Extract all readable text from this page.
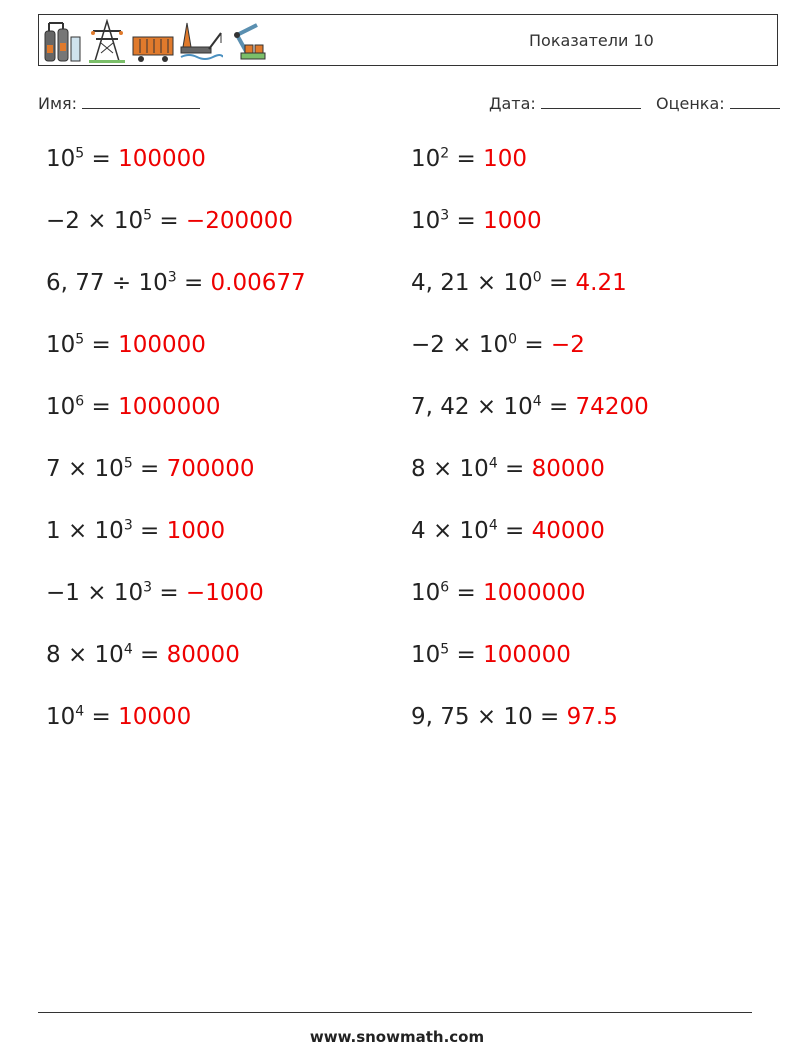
Показатели 10
Имя:	Дата:	Оценка:
$10^5 = 100000$
$-2 \times 10^5 = -200000$
6, $77 \div 10^3 = 0.00677$
$10^5 = 100000$
$10^6 = 1000000$
$7 \times 10^5 = 700000$
$1 \times 10^3 = 1000$
$-1 \times 10^3 = -1000$
$8 \times 10^4 = 80000$
$10^4 = 10000$
$10^2 = 100$
$10^3 = 1000$
4, $21 \times 10^0 = 4.21$
$-2 \times 10^0 = -2$
7, $42 \times 10^4 = 74200$
$8 \times 10^4 = 80000$
$4 \times 10^4 = 40000$
$10^6 = 1000000$
$10^5 = 100000$
9, 75 × 10 = 97.5
www.snowmath.com
